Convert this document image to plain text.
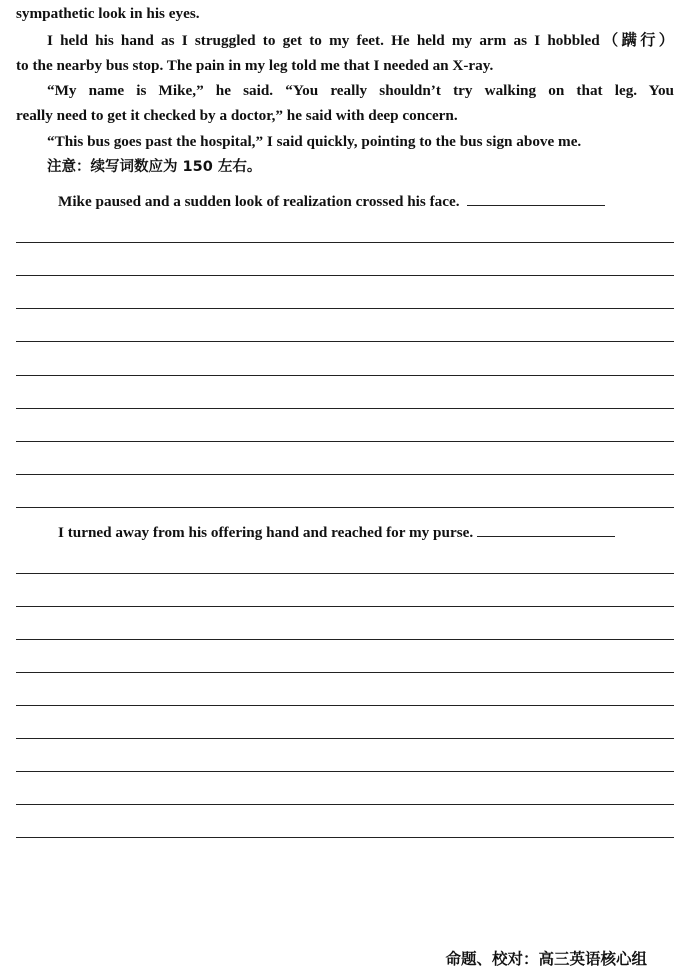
sympathetic look in his eyes.
I held his hand as I struggled to get to my feet. He held my arm as I hobbled（蹒行）
to the nearby bus stop. The pain in my leg told me that I needed an X-ray.
“My name is Mike,” he said. “You really shouldn’t try walking on that leg. You
really need to get it checked by a doctor,” he said with deep concern.
“This bus goes past the hospital,” I said quickly, pointing to the bus sign above me.
注意：续写词数应为 150 左右。
Mike paused and a sudden look of realization crossed his face.
I turned away from his offering hand and reached for my purse.
命题、校对：高三英语核心组
